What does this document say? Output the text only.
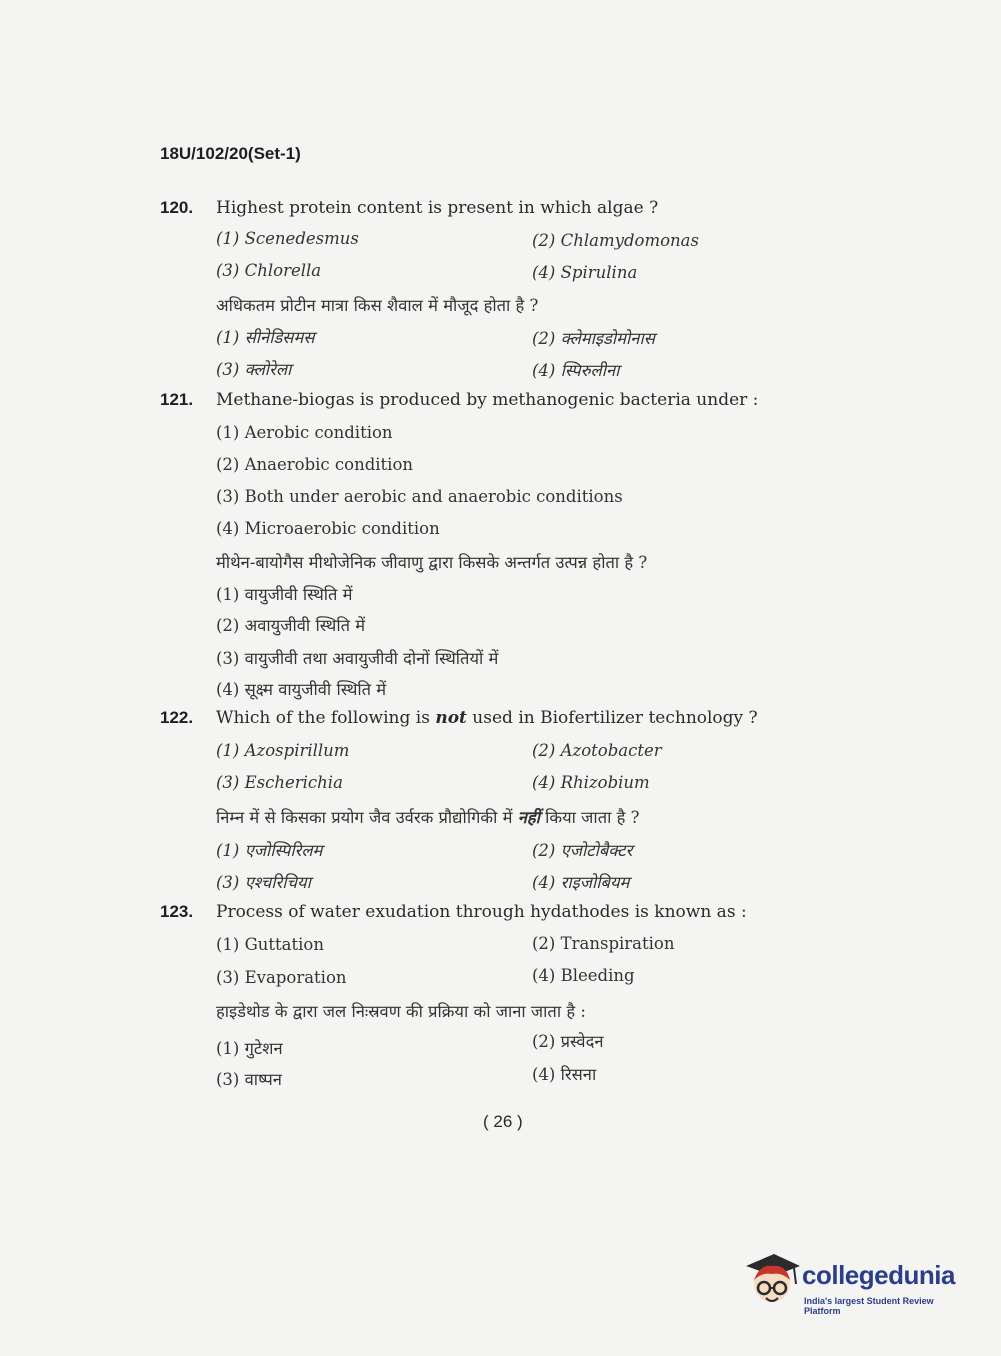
18U/102/20(Set-1)
120. Highest protein content is present in which algae ?
(1) Scenedesmus	(2) Chlamydomonas
(3) Chlorella	(4) Spirulina
अधिकतम प्रोटीन मात्रा किस शैवाल में मौजूद होता है ?
(1) सीनेडिसमस	(2) क्लेमाइडोमोनास
(3) क्लोरेला	(4) स्पिरुलीना
121. Methane-biogas is produced by methanogenic bacteria under :
(1) Aerobic condition
(2) Anaerobic condition
(3) Both under aerobic and anaerobic conditions
(4) Microaerobic condition
मीथेन-बायोगैस मीथोजेनिक जीवाणु द्वारा किसके अन्तर्गत उत्पन्न होता है ?
(1) वायुजीवी स्थिति में
(2) अवायुजीवी स्थिति में
(3) वायुजीवी तथा अवायुजीवी दोनों स्थितियों में
(4) सूक्ष्म वायुजीवी स्थिति में
122. Which of the following is not used in Biofertilizer technology ?
(1) Azospirillum	(2) Azotobacter
(3) Escherichia	(4) Rhizobium
निम्न में से किसका प्रयोग जैव उर्वरक प्रौद्योगिकी में नहीं किया जाता है ?
(1) एजोस्पिरिलम	(2) एजोटोबैक्टर
(3) एश्चरिचिया	(4) राइजोबियम
123. Process of water exudation through hydathodes is known as :
(1) Guttation	(2) Transpiration
(3) Evaporation	(4) Bleeding
हाइडेथोड के द्वारा जल निःस्रवण की प्रक्रिया को जाना जाता है :
(1) गुटेशन	(2) प्रस्वेदन
(3) वाष्पन	(4) रिसना
( 26 )
collegedunia
India's largest Student Review Platform
